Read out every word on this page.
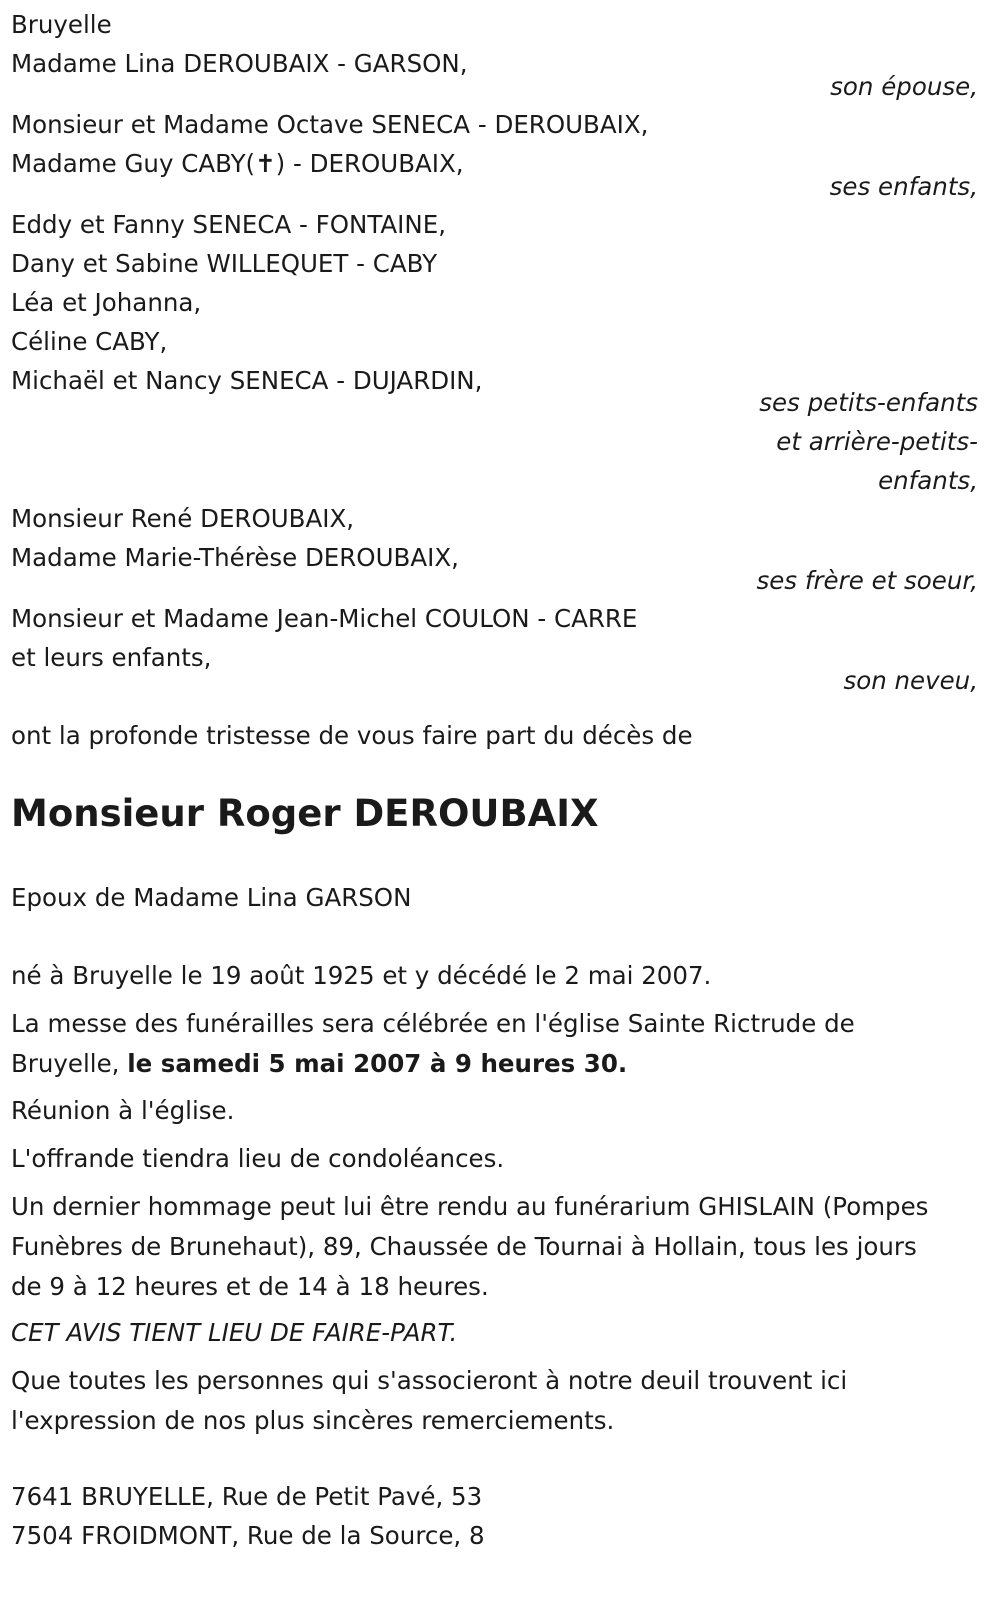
Bruyelle
Madame Lina DEROUBAIX - GARSON,
son épouse,
Monsieur et Madame Octave SENECA - DEROUBAIX,
Madame Guy CABY(✝) - DEROUBAIX,
ses enfants,
Eddy et Fanny SENECA - FONTAINE,
Dany et Sabine WILLEQUET - CABY
Léa et Johanna,
Céline CABY,
Michaël et Nancy SENECA - DUJARDIN,
ses petits-enfants
et arrière-petits-
enfants,
Monsieur René DEROUBAIX,
Madame Marie-Thérèse DEROUBAIX,
ses frère et soeur,
Monsieur et Madame Jean-Michel COULON - CARRE
et leurs enfants,
son neveu,
ont la profonde tristesse de vous faire part du décès de
Monsieur Roger DEROUBAIX
Epoux de Madame Lina GARSON
né à Bruyelle le 19 août 1925 et y décédé le 2 mai 2007.
La messe des funérailles sera célébrée en l'église Sainte Rictrude de Bruyelle, le samedi 5 mai 2007 à 9 heures 30.
Réunion à l'église.
L'offrande tiendra lieu de condoléances.
Un dernier hommage peut lui être rendu au funérarium GHISLAIN (Pompes Funèbres de Brunehaut), 89, Chaussée de Tournai à Hollain, tous les jours de 9 à 12 heures et de 14 à 18 heures.
CET AVIS TIENT LIEU DE FAIRE-PART.
Que toutes les personnes qui s'associeront à notre deuil trouvent ici l'expression de nos plus sincères remerciements.
7641 BRUYELLE, Rue de Petit Pavé, 53
7504 FROIDMONT, Rue de la Source, 8
